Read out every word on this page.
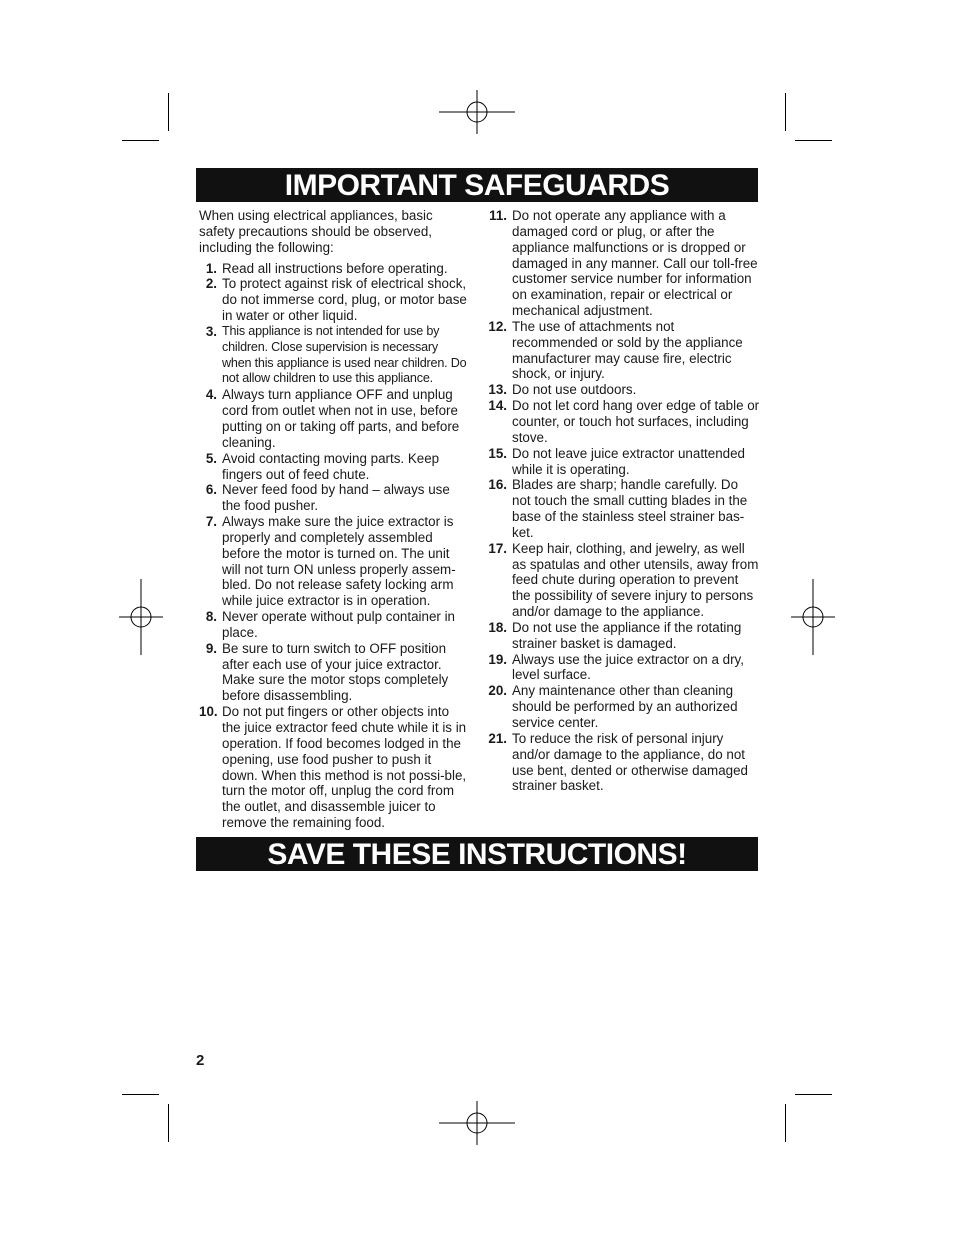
IMPORTANT SAFEGUARDS

When using electrical appliances, basic safety precautions should be observed, including the following:

1. Read all instructions before operating.
2. To protect against risk of electrical shock, do not immerse cord, plug, or motor base in water or other liquid.
3. This appliance is not intended for use by children. Close supervision is necessary when this appliance is used near children. Do not allow children to use this appliance.
4. Always turn appliance OFF and unplug cord from outlet when not in use, before putting on or taking off parts, and before cleaning.
5. Avoid contacting moving parts. Keep fingers out of feed chute.
6. Never feed food by hand – always use the food pusher.
7. Always make sure the juice extractor is properly and completely assembled before the motor is turned on. The unit will not turn ON unless properly assem-bled. Do not release safety locking arm while juice extractor is in operation.
8. Never operate without pulp container in place.
9. Be sure to turn switch to OFF position after each use of your juice extractor. Make sure the motor stops completely before disassembling.
10. Do not put fingers or other objects into the juice extractor feed chute while it is in operation. If food becomes lodged in the opening, use food pusher to push it down. When this method is not possi-ble, turn the motor off, unplug the cord from the outlet, and disassemble juicer to remove the remaining food.
11. Do not operate any appliance with a damaged cord or plug, or after the appliance malfunctions or is dropped or damaged in any manner. Call our toll-free customer service number for information on examination, repair or electrical or mechanical adjustment.
12. The use of attachments not recommended or sold by the appliance manufacturer may cause fire, electric shock, or injury.
13. Do not use outdoors.
14. Do not let cord hang over edge of table or counter, or touch hot surfaces, including stove.
15. Do not leave juice extractor unattended while it is operating.
16. Blades are sharp; handle carefully. Do not touch the small cutting blades in the base of the stainless steel strainer bas-ket.
17. Keep hair, clothing, and jewelry, as well as spatulas and other utensils, away from feed chute during operation to prevent the possibility of severe injury to persons and/or damage to the appliance.
18. Do not use the appliance if the rotating strainer basket is damaged.
19. Always use the juice extractor on a dry, level surface.
20. Any maintenance other than cleaning should be performed by an authorized service center.
21. To reduce the risk of personal injury and/or damage to the appliance, do not use bent, dented or otherwise damaged strainer basket.
SAVE THESE INSTRUCTIONS!
2
